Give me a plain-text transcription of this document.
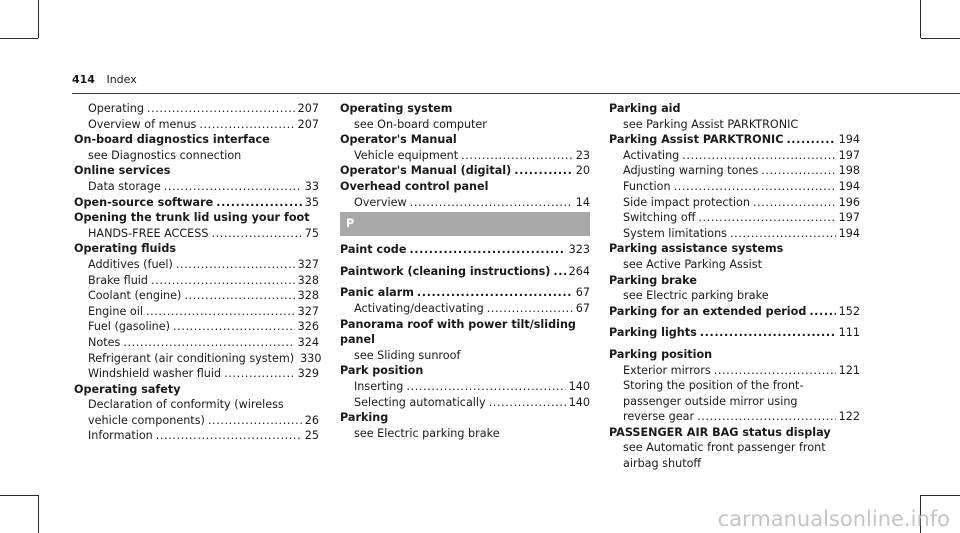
414 Index
Operating .....	207
Overview of menus .....	207
On-board diagnostics interface
see Diagnostics connection
Online services
Data storage .....	33
Open-source software .....	35
Opening the trunk lid using your foot
HANDS-FREE ACCESS .....	75
Operating fluids
Additives (fuel) .....	327
Brake fluid .....	328
Coolant (engine) .....	328
Engine oil .....	327
Fuel (gasoline) .....	326
Notes .....	324
Refrigerant (air conditioning system) 330
Windshield washer fluid .....	329
Operating safety
Declaration of conformity (wireless
vehicle components) .....	26
Information .....	25
Operating system
see On-board computer
Operator's Manual
Vehicle equipment .....	23
Operator's Manual (digital) .....	20
Overhead control panel
Overview .....	14
P
Paint code .....	323
Paintwork (cleaning instructions) ..... 264
Panic alarm .....	67
Activating/deactivating .....	67
Panorama roof with power tilt/sliding
panel
see Sliding sunroof
Park position
Inserting .....	140
Selecting automatically .....	140
Parking
see Electric parking brake
Parking aid
see Parking Assist PARKTRONIC
Parking Assist PARKTRONIC .....	194
Activating .....	197
Adjusting warning tones .....	198
Function .....	194
Side impact protection .....	196
Switching off .....	197
System limitations .....	194
Parking assistance systems
see Active Parking Assist
Parking brake
see Electric parking brake
Parking for an extended period .....	152
Parking lights .....	111
Parking position
Exterior mirrors .....	121
Storing the position of the front-
passenger outside mirror using
reverse gear .....	122
PASSENGER AIR BAG status display
see Automatic front passenger front
airbag shutoff
carmanualsonline.info
